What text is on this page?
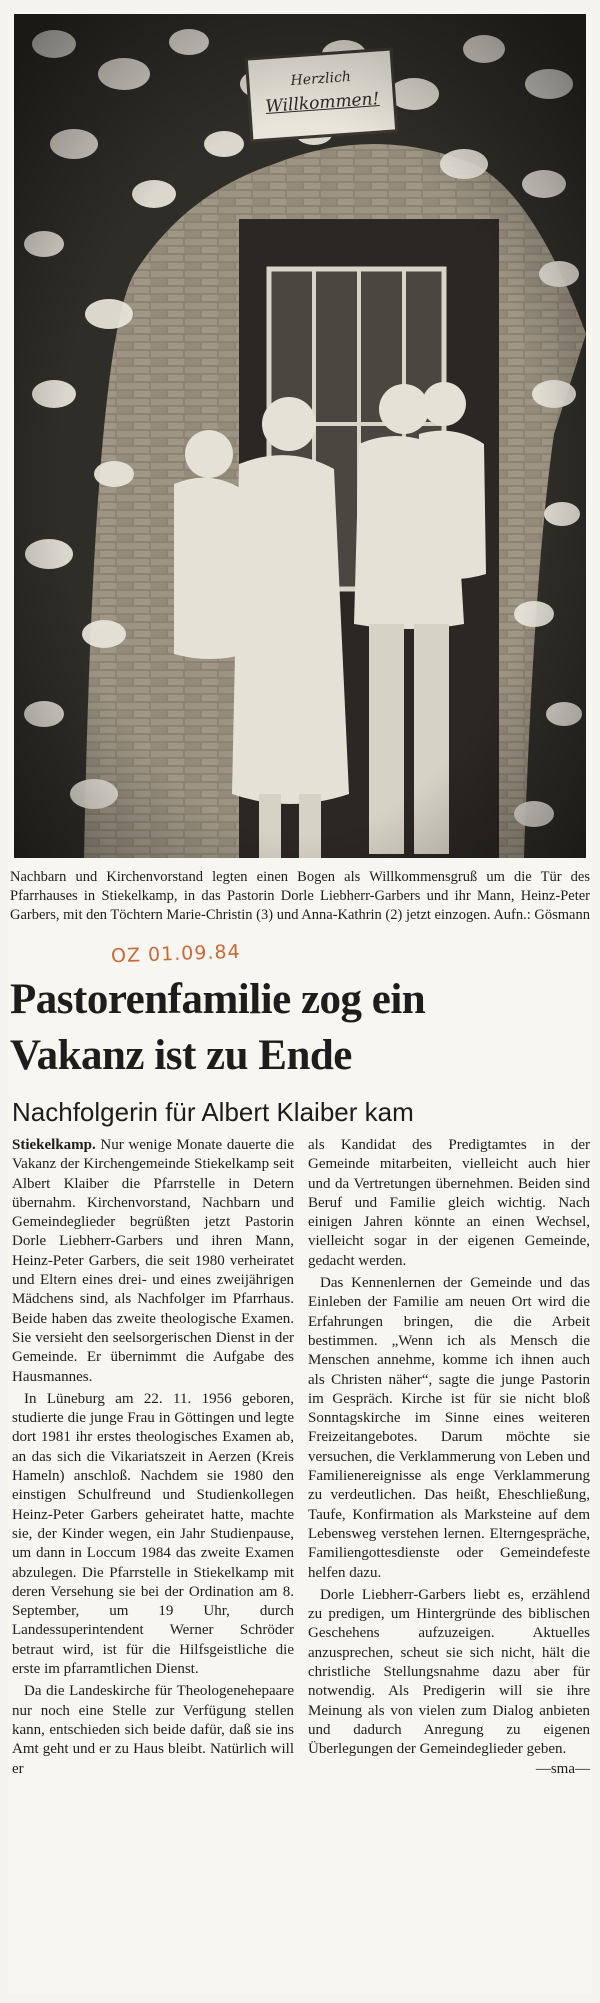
Herzlich
Willkommen!
Nachbarn und Kirchenvorstand legten einen Bogen als Willkommensgruß um die Tür des Pfarrhauses in Stiekelkamp, in das Pastorin Dorle Liebherr-Garbers und ihr Mann, Heinz-Peter Garbers, mit den Töchtern Marie-Christin (3) und Anna-Kathrin (2) jetzt einzogen. Aufn.: Gösmann
OZ 01.09.84
Pastorenfamilie zog ein
Vakanz ist zu Ende
Nachfolgerin für Albert Klaiber kam

Stiekelkamp. Nur wenige Monate dauerte die Vakanz der Kirchengemeinde Stiekelkamp seit Albert Klaiber die Pfarrstelle in Detern übernahm. Kirchenvorstand, Nachbarn und Gemeindeglieder begrüßten jetzt Pastorin Dorle Liebherr-Garbers und ihren Mann, Heinz-Peter Garbers, die seit 1980 verheiratet und Eltern eines drei- und eines zweijährigen Mädchens sind, als Nachfolger im Pfarrhaus. Beide haben das zweite theologische Examen. Sie versieht den seelsorgerischen Dienst in der Gemeinde. Er übernimmt die Aufgabe des Hausmannes.

In Lüneburg am 22. 11. 1956 geboren, studierte die junge Frau in Göttingen und legte dort 1981 ihr erstes theologisches Examen ab, an das sich die Vikariatszeit in Aerzen (Kreis Hameln) anschloß. Nachdem sie 1980 den einstigen Schulfreund und Studienkollegen Heinz-Peter Garbers geheiratet hatte, machte sie, der Kinder wegen, ein Jahr Studienpause, um dann in Loccum 1984 das zweite Examen abzulegen. Die Pfarrstelle in Stiekelkamp mit deren Versehung sie bei der Ordination am 8. September, um 19 Uhr, durch Landessuperintendent Werner Schröder betraut wird, ist für die Hilfsgeistliche die erste im pfarramtlichen Dienst.

Da die Landeskirche für Theologenehepaare nur noch eine Stelle zur Verfügung stellen kann, entschieden sich beide dafür, daß sie ins Amt geht und er zu Haus bleibt. Natürlich will er

als Kandidat des Predigtamtes in der Gemeinde mitarbeiten, vielleicht auch hier und da Vertretungen übernehmen. Beiden sind Beruf und Familie gleich wichtig. Nach einigen Jahren könnte an einen Wechsel, vielleicht sogar in der eigenen Gemeinde, gedacht werden.

Das Kennenlernen der Gemeinde und das Einleben der Familie am neuen Ort wird die Erfahrungen bringen, die die Arbeit bestimmen. „Wenn ich als Mensch die Menschen annehme, komme ich ihnen auch als Christen näher“, sagte die junge Pastorin im Gespräch. Kirche ist für sie nicht bloß Sonntagskirche im Sinne eines weiteren Freizeitangebotes. Darum möchte sie versuchen, die Verklammerung von Leben und Familienereignisse als enge Verklammerung zu verdeutlichen. Das heißt, Eheschließung, Taufe, Konfirmation als Marksteine auf dem Lebensweg verstehen lernen. Elterngespräche, Familiengottesdienste oder Gemeindefeste helfen dazu.

Dorle Liebherr-Garbers liebt es, erzählend zu predigen, um Hintergründe des biblischen Geschehens aufzuzeigen. Aktuelles anzusprechen, scheut sie sich nicht, hält die christliche Stellungsnahme dazu aber für notwendig. Als Predigerin will sie ihre Meinung als von vielen zum Dialog anbieten und dadurch Anregung zu eigenen Überlegungen der Gemeindeglieder geben.

—sma—
